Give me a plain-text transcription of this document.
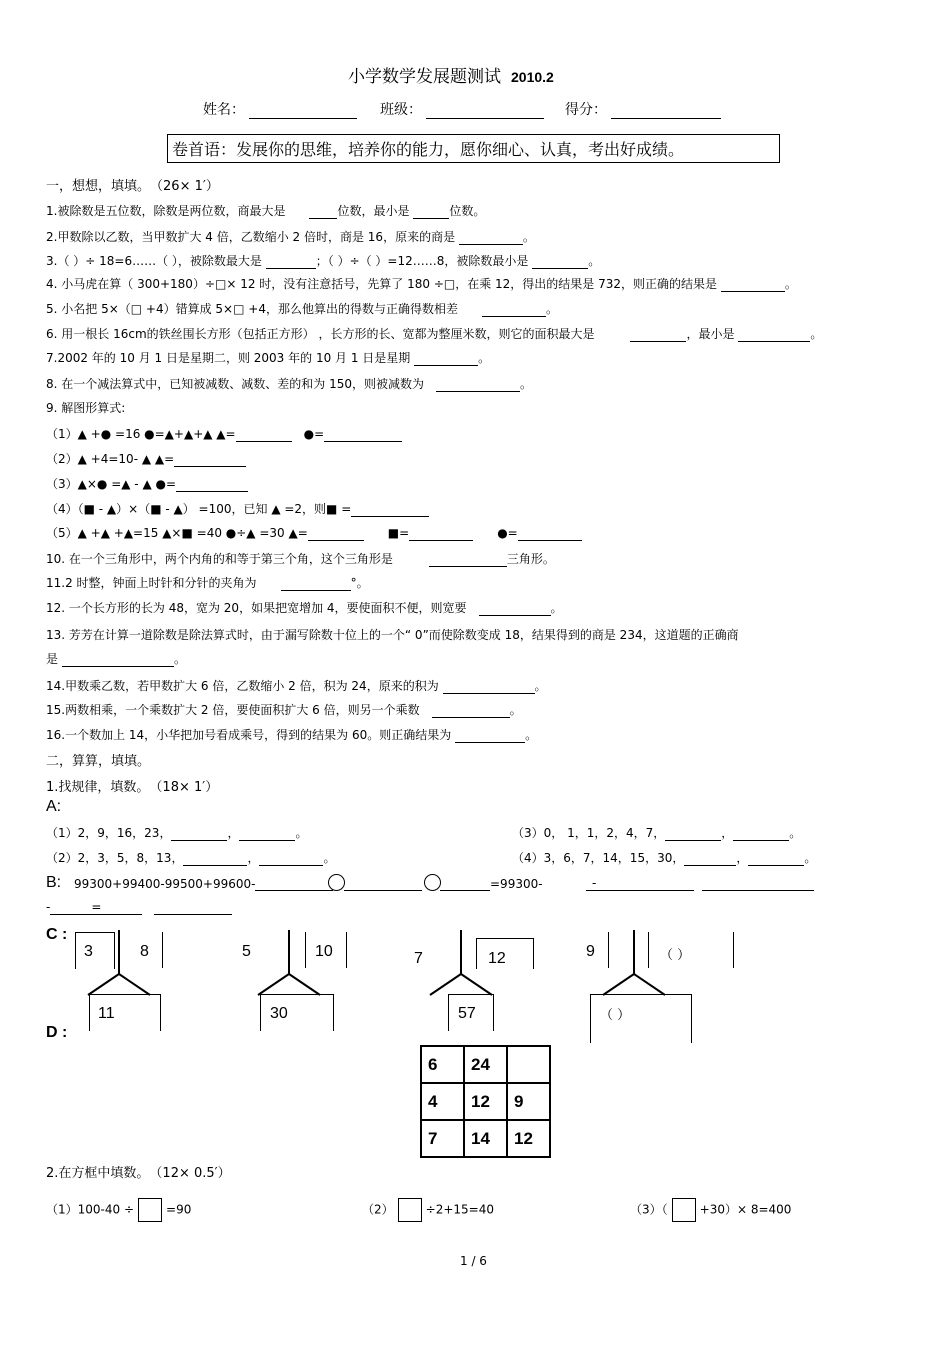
小学数学发展题测试 2010.2
姓名：	班级：	得分：
卷首语：发展你的思维，培养你的能力，愿你细心、认真，考出好成绩。
一，想想，填填。　 （26× 1′）
1.被除数是五位数，除数是两位数，商最大是　　	位数，最小是	位数。
2.甲数除以乙数，当甲数扩大 4 倍，乙数缩小 2 倍时，商是 16，原来的商是	。
3.（ ）÷ 18=6……（ ），被除数最大是	；（ ）÷（ ）=12……8，被除数最小是	。
4. 小马虎在算（ 300+180）÷□× 12 时，没有注意括号，先算了 180 ÷□，在乘 12，得出的结果是 732，则正确的结果是	。
5. 小名把 5×（□ +4）错算成 5×□ +4，那么他算出的得数与正确得数相差　　	。
6. 用一根长 16cm的铁丝围长方形（包括正方形） ，长方形的长、宽都为整厘米数，则它的面积最大是　　　	，最小是	。
7.2002 年的 10 月 1 日是星期二，则 2003 年的 10 月 1 日是星期	。
8. 在一个减法算式中，已知被减数、减数、差的和为 150，则被减数为　	。
9. 解图形算式:
（1）▲ +● =16 ●=▲+▲+▲ ▲=　	●=
（2）▲ +4=10- ▲ ▲=
（3）▲×● =▲ - ▲ ●=
（4）（■ - ▲）×（■ - ▲） =100，已知 ▲ =2，则■ =
（5）▲ +▲ +▲=15 ▲×■ =40 ●÷▲ =30 ▲=　　	■=　　	●=
10. 在一个三角形中，两个内角的和等于第三个角，这个三角形是　　　	三角形。
11.2 时整，钟面上时针和分针的夹角为　　	°。
12. 一个长方形的长为 48，宽为 20，如果把宽增加 4，要使面积不便，则宽要　	。
13. 芳芳在计算一道除数是除法算式时，由于漏写除数十位上的一个“ 0”而使除数变成 18，结果得到的商是 234，这道题的正确商
是	。
14.甲数乘乙数，若甲数扩大 6 倍，乙数缩小 2 倍，积为 24，原来的积为	。
15.两数相乘，一个乘数扩大 2 倍，要使面积扩大 6 倍，则另一个乘数　	。
16.一个数加上 14，小华把加号看成乘号，得到的结果为 60。则正确结果为	。
二，算算，填填。
1.找规律，填数。　 （18× 1′）
A:
（1）2，9，16，23，	，	。
（2）2，3，5，8，13，	，	。
（3）0， 1，1，2，4，7，	，	。
（4）3，6，7，14，15，30，	，	。
B: 99300+99400-99500+99600-	=99300-	-
-	=　
C :
3	8
11
5	10
30
7	12
57
9	（ ）
（ ）
D :
6	24	
4	12	9
7	14	12
2.在方框中填数。　 （12× 0.5′）
（1）100-40 ÷	=90	（2）	÷2+15=40	（3）（	+30）× 8=400
1 / 6
